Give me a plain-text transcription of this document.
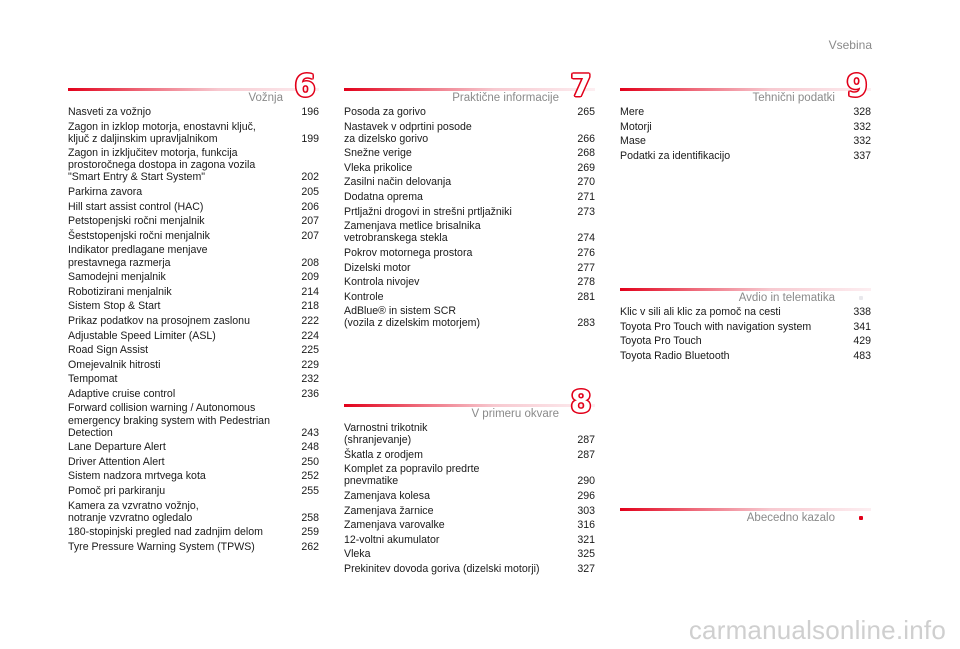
Vsebina
Vožnja 6
Nasveti za vožnjo	196
Zagon in izklop motorja, enostavni ključ,
ključ z daljinskim upravljalnikom	199
Zagon in izključitev motorja, funkcija
prostoročnega dostopa in zagona vozila
"Smart Entry & Start System"	202
Parkirna zavora	205
Hill start assist control (HAC)	206
Petstopenjski ročni menjalnik	207
Šeststopenjski ročni menjalnik	207
Indikator predlagane menjave
prestavnega razmerja	208
Samodejni menjalnik	209
Robotizirani menjalnik	214
Sistem Stop & Start	218
Prikaz podatkov na prosojnem zaslonu	222
Adjustable Speed Limiter (ASL)	224
Road Sign Assist	225
Omejevalnik hitrosti	229
Tempomat	232
Adaptive cruise control	236
Forward collision warning / Autonomous
emergency braking system with Pedestrian
Detection	243
Lane Departure Alert	248
Driver Attention Alert	250
Sistem nadzora mrtvega kota	252
Pomoč pri parkiranju	255
Kamera za vzvratno vožnjo,
notranje vzvratno ogledalo	258
180-stopinjski pregled nad zadnjim delom	259
Tyre Pressure Warning System (TPWS)	262
Praktične informacije 7
Posoda za gorivo	265
Nastavek v odprtini posode
za dizelsko gorivo	266
Snežne verige	268
Vleka prikolice	269
Zasilni način delovanja	270
Dodatna oprema	271
Prtljažni drogovi in strešni prtljažniki	273
Zamenjava metlice brisalnika
vetrobranskega stekla	274
Pokrov motornega prostora	276
Dizelski motor	277
Kontrola nivojev	278
Kontrole	281
AdBlue® in sistem SCR
(vozila z dizelskim motorjem)	283
V primeru okvare 8
Varnostni trikotnik
(shranjevanje)	287
Škatla z orodjem	287
Komplet za popravilo predrte
pnevmatike	290
Zamenjava kolesa	296
Zamenjava žarnice	303
Zamenjava varovalke	316
12-voltni akumulator	321
Vleka	325
Prekinitev dovoda goriva (dizelski motorji)	327
Tehnični podatki 9
Mere	328
Motorji	332
Mase	332
Podatki za identifikacijo	337
Avdio in telematika
Klic v sili ali klic za pomoč na cesti	338
Toyota Pro Touch with navigation system	341
Toyota Pro Touch	429
Toyota Radio Bluetooth	483
Abecedno kazalo
carmanualsonline.info
